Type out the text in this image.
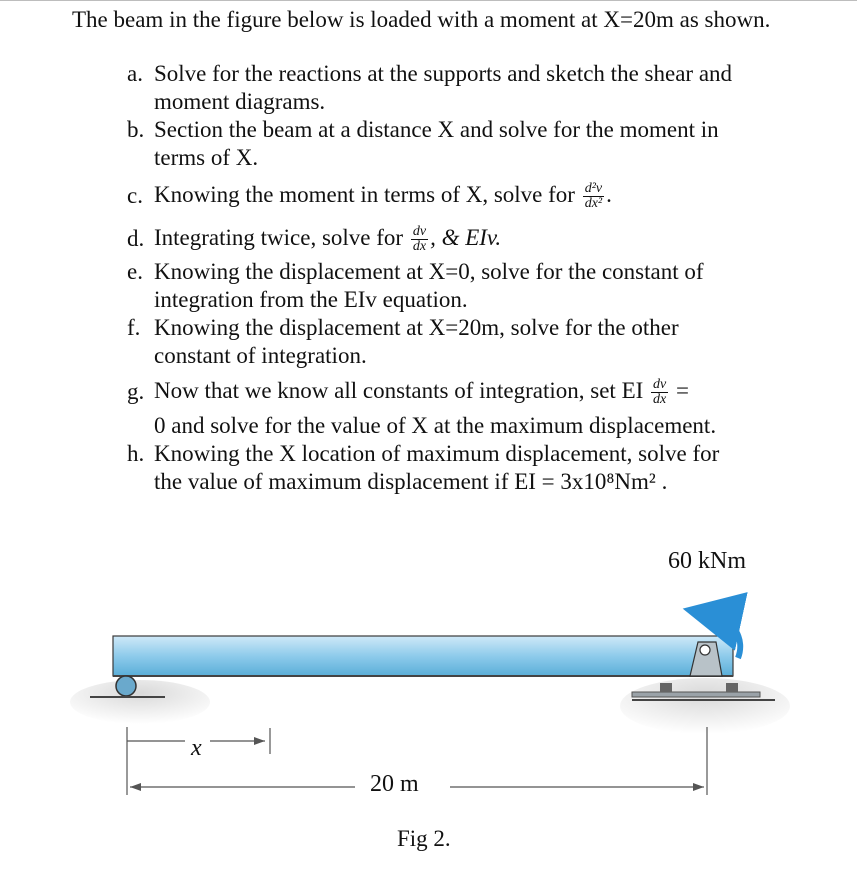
The beam in the figure below is loaded with a moment at X=20m as shown.
a. Solve for the reactions at the supports and sketch the shear and
moment diagrams.
b. Section the beam at a distance X and solve for the moment in
terms of X.
c. Knowing the moment in terms of X, solve for $\frac{\text{d²v}}{\text{dx²}}$ .
d. Integrating twice, solve for $\frac{dv}{dx}$ , & EIv.
e. Knowing the displacement at X=0, solve for the constant of
integration from the EIv equation.
f. Knowing the displacement at X=20m, solve for the other
constant of integration.
g. Now that we know all constants of integration, set EI $\frac{dv}{dx}$ =
0 and solve for the value of X at the maximum displacement.
h. Knowing the X location of maximum displacement, solve for
the value of maximum displacement if EI = 3x10⁸Nm² .
60 kNm
x
20 m
Fig 2.
